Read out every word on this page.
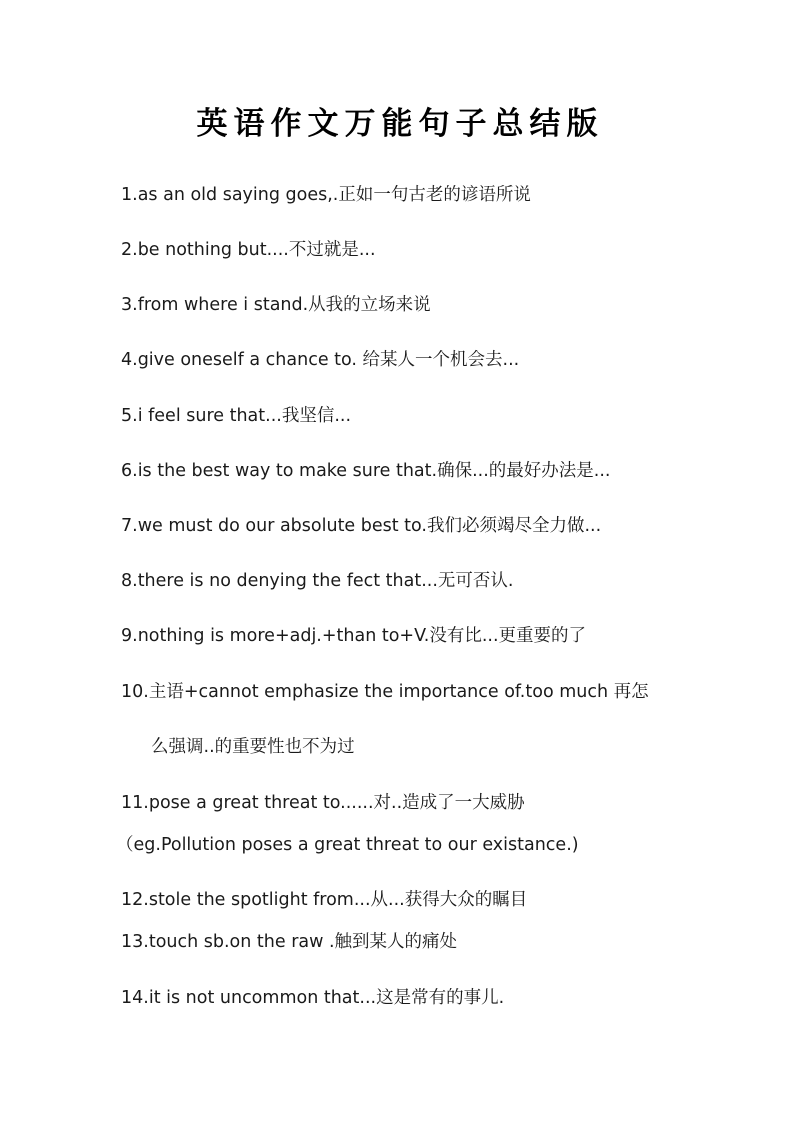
英语作文万能句子总结版
1.as an old saying goes,.正如一句古老的谚语所说
2.be nothing but....不过就是...
3.from where i stand.从我的立场来说
4.give oneself a chance to. 给某人一个机会去...
5.i feel sure that...我坚信...
6.is the best way to make sure that.确保...的最好办法是...
7.we must do our absolute best to.我们必须竭尽全力做...
8.there is no denying the fect that...无可否认.
9.nothing is more+adj.+than to+V.没有比...更重要的了
10.主语+cannot emphasize the importance of.too much 再怎
么强调..的重要性也不为过
11.pose a great threat to......对..造成了一大威胁
（eg.Pollution poses a great threat to our existance.)
12.stole the spotlight from...从...获得大众的瞩目
13.touch sb.on the raw .触到某人的痛处
14.it is not uncommon that...这是常有的事儿.
